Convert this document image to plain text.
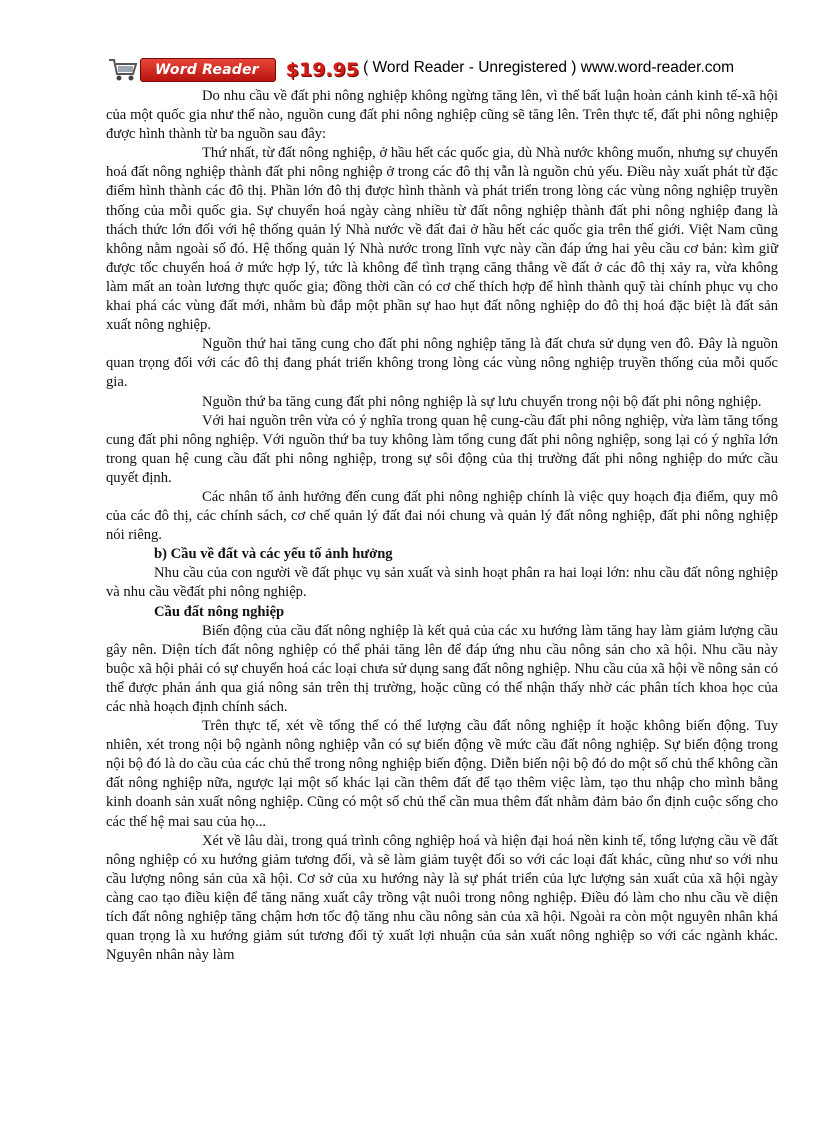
Word Reader	$19.95 ( Word Reader - Unregistered ) www.word-reader.com

Do nhu cầu về đất phi nông nghiệp không ngừng tăng lên, vì thế bất luận hoàn cảnh kinh tế-xã hội của một quốc gia như thế nào, nguồn cung đất phi nông nghiệp cũng sẽ tăng lên. Trên thực tế, đất phi nông nghiệp được hình thành từ ba nguồn sau đây:

Thứ nhất, từ đất nông nghiệp, ở hầu hết các quốc gia, dù Nhà nước không muốn, nhưng sự chuyển hoá đất nông nghiệp thành đất phi nông nghiệp ở trong các đô thị vẫn là nguồn chủ yếu. Điều này xuất phát từ đặc điểm hình thành các đô thị. Phần lớn đô thị được hình thành và phát triển trong lòng các vùng nông nghiệp truyền thống của mỗi quốc gia. Sự chuyển hoá ngày càng nhiều từ đất nông nghiệp thành đất phi nông nghiệp đang là thách thức lớn đối với hệ thống quản lý Nhà nước về đất đai ở hầu hết các quốc gia trên thế giới. Việt Nam cũng không nằm ngoài số đó. Hệ thống quản lý Nhà nước trong lĩnh vực này cần đáp ứng hai yêu cầu cơ bản: kìm giữ được tốc chuyển hoá ở mức hợp lý, tức là không để tình trạng căng thẳng về đất ở các đô thị xảy ra, vừa không làm mất an toàn lương thực quốc gia; đồng thời cần có cơ chế thích hợp để hình thành quỹ tài chính phục vụ cho khai phá các vùng đất mới, nhằm bù đắp một phần sự hao hụt đất nông nghiệp do đô thị hoá đặc biệt là đất sản xuất nông nghiệp.

Nguồn thứ hai tăng cung cho đất phi nông nghiệp tăng là đất chưa sử dụng ven đô. Đây là nguồn quan trọng đối với các đô thị đang phát triển không trong lòng các vùng nông nghiệp truyền thống của mỗi quốc gia.

Nguồn thứ ba tăng cung đất phi nông nghiệp là sự lưu chuyển trong nội bộ đất phi nông nghiệp.

Với hai nguồn trên vừa có ý nghĩa trong quan hệ cung-cầu đất phi nông nghiệp, vừa làm tăng tổng cung đất phi nông nghiệp. Với nguồn thứ ba tuy không làm tổng cung đất phi nông nghiệp, song lại có ý nghĩa lớn trong quan hệ cung cầu đất phi nông nghiệp, trong sự sôi động của thị trường đất phi nông nghiệp do mức cầu quyết định.

Các nhân tố ảnh hưởng đến cung đất phi nông nghiệp chính là việc quy hoạch địa điểm, quy mô của các đô thị, các chính sách, cơ chế quản lý đất đai nói chung và quản lý đất nông nghiệp, đất phi nông nghiệp nói riêng.

b) Cầu về đất và các yếu tố ảnh hưởng

Nhu cầu của con người về đất phục vụ sản xuất và sinh hoạt phân ra hai loại lớn: nhu cầu đất nông nghiệp và nhu cầu vềđất phi nông nghiệp.

Cầu đất nông nghiệp

Biến động của cầu đất nông nghiệp là kết quả của các xu hướng làm tăng hay làm giảm lượng cầu gây nên. Diện tích đất nông nghiệp có thể phải tăng lên để đáp ứng nhu cầu nông sản cho xã hội. Nhu cầu này buộc xã hội phải có sự chuyển hoá các loại chưa sử dụng sang đất nông nghiệp. Nhu cầu của xã hội về nông sản có thể được phản ánh qua giá nông sản trên thị trường, hoặc cũng có thể nhận thấy nhờ các phân tích khoa học của các nhà hoạch định chính sách.

Trên thực tế, xét về tổng thể có thể lượng cầu đất nông nghiệp ít hoặc không biến động. Tuy nhiên, xét trong nội bộ ngành nông nghiệp vẫn có sự biến động về mức cầu đất nông nghiệp. Sự biến động trong nội bộ đó là do cầu của các chủ thể trong nông nghiệp biến động. Diễn biến nội bộ đó do một số chủ thể không cần đất nông nghiệp nữa, ngược lại một số khác lại cần thêm đất để tạo thêm việc làm, tạo thu nhập cho mình bằng kinh doanh sản xuất nông nghiệp. Cũng có một số chủ thể cần mua thêm đất nhằm đảm bảo ổn định cuộc sống cho các thế hệ mai sau của họ...

Xét về lâu dài, trong quá trình công nghiệp hoá và hiện đại hoá nền kinh tế, tổng lượng cầu về đất nông nghiệp có xu hướng giảm tương đối, và sẽ làm giảm tuyệt đối so với các loại đất khác, cũng như so với nhu cầu lượng nông sản của xã hội. Cơ sở của xu hướng này là sự phát triển của lực lượng sản xuất của xã hội ngày càng cao tạo điều kiện để tăng năng xuất cây trồng vật nuôi trong nông nghiệp. Điều đó làm cho nhu cầu về diện tích đất nông nghiệp tăng chậm hơn tốc độ tăng nhu cầu nông sản của xã hội. Ngoài ra còn một nguyên nhân khá quan trọng là xu hướng giảm sút tương đối tỷ xuất lợi nhuận của sản xuất nông nghiệp so với các ngành khác. Nguyên nhân này làm
